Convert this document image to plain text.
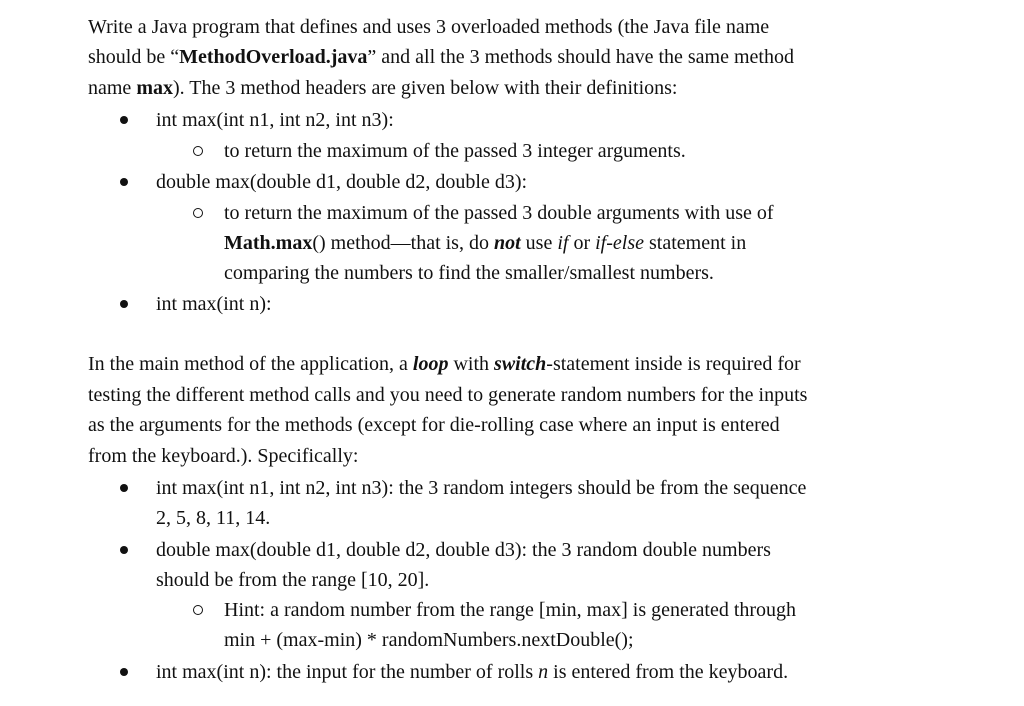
Write a Java program that defines and uses 3 overloaded methods (the Java file name
should be “MethodOverload.java” and all the 3 methods should have the same method
name max). The 3 method headers are given below with their definitions:
int max(int n1, int n2, int n3):
to return the maximum of the passed 3 integer arguments.
double max(double d1, double d2, double d3):
to return the maximum of the passed 3 double arguments with use of
Math.max() method—that is, do not use if or if-else statement in
comparing the numbers to find the smaller/smallest numbers.
int max(int n):
In the main method of the application, a loop with switch-statement inside is required for
testing the different method calls and you need to generate random numbers for the inputs
as the arguments for the methods (except for die-rolling case where an input is entered
from the keyboard.). Specifically:
int max(int n1, int n2, int n3): the 3 random integers should be from the sequence
2, 5, 8, 11, 14.
double max(double d1, double d2, double d3): the 3 random double numbers
should be from the range [10, 20].
Hint: a random number from the range [min, max] is generated through
min + (max-min) * randomNumbers.nextDouble();
int max(int n): the input for the number of rolls n is entered from the keyboard.
